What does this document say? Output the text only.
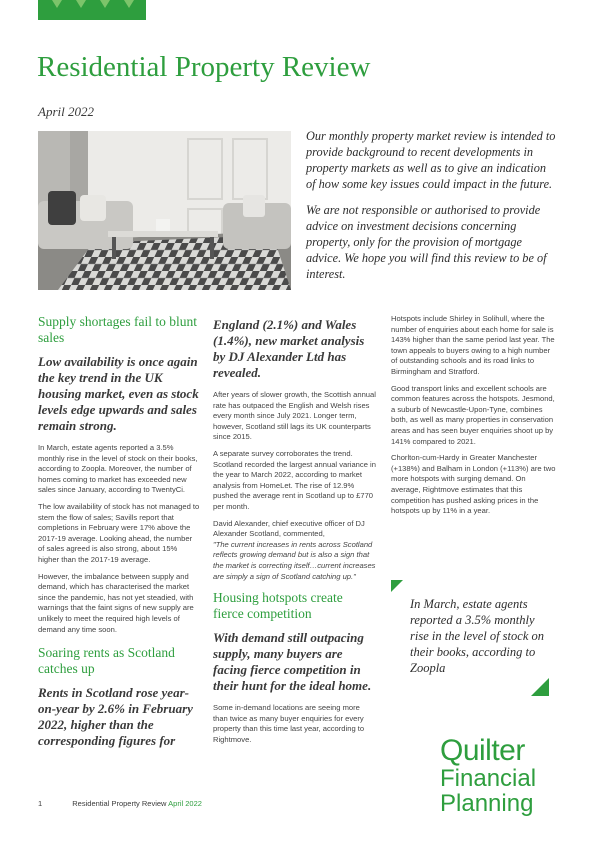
Residential Property Review
April 2022

Our monthly property market review is intended to provide background to recent developments in property markets as well as to give an indication of how some key issues could impact in the future.

We are not responsible or authorised to provide advice on investment decisions concerning property, only for the provision of mortgage advice. We hope you will find this review to be of interest.

Supply shortages fail to blunt sales
Low availability is once again the key trend in the UK housing market, even as stock levels edge upwards and sales remain strong.

In March, estate agents reported a 3.5% monthly rise in the level of stock on their books, according to Zoopla. Moreover, the number of homes coming to market has exceeded new sales since January, according to TwentyCi.

The low availability of stock has not managed to stem the flow of sales; Savills report that completions in February were 17% above the 2017-19 average. Looking ahead, the number of sales agreed is also strong, about 15% higher than the 2017-19 average.

However, the imbalance between supply and demand, which has characterised the market since the pandemic, has not yet steadied, with warnings that the faint signs of new supply are unlikely to meet the required high levels of demand any time soon.

Soaring rents as Scotland catches up
Rents in Scotland rose year-on-year by 2.6% in February 2022, higher than the corresponding figures for
England (2.1%) and Wales (1.4%), new market analysis by DJ Alexander Ltd has revealed.

After years of slower growth, the Scottish annual rate has outpaced the English and Welsh rises every month since July 2021. Longer term, however, Scotland still lags its UK counterparts since 2015.

A separate survey corroborates the trend. Scotland recorded the largest annual variance in the year to March 2022, according to market analysis from HomeLet. The rise of 12.9% pushed the average rent in Scotland up to £770 per month.

David Alexander, chief executive officer of DJ Alexander Scotland, commented,

"The current increases in rents across Scotland reflects growing demand but is also a sign that the market is correcting itself…current increases are simply a sign of Scotland catching up."

Housing hotspots create fierce competition
With demand still outpacing supply, many buyers are facing fierce competition in their hunt for the ideal home.

Some in-demand locations are seeing more than twice as many buyer enquiries for every property than this time last year, according to Rightmove.

Hotspots include Shirley in Solihull, where the number of enquiries about each home for sale is 143% higher than the same period last year. The town appeals to buyers owing to a high number of outstanding schools and its road links to Birmingham and Stratford.

Good transport links and excellent schools are common features across the hotspots. Jesmond, a suburb of Newcastle-Upon-Tyne, combines both, as well as many properties in conservation areas and has seen buyer enquiries shoot up by 141% compared to 2021.

Chorlton-cum-Hardy in Greater Manchester (+138%) and Balham in London (+113%) are two more hotspots with surging demand. On average, Rightmove estimates that this competition has pushed asking prices in the hotspots up by 11% in a year.

In March, estate agents reported a 3.5% monthly rise in the level of stock on their books, according to Zoopla
Quilter
Financial
Planning
1	Residential Property Review April 2022
